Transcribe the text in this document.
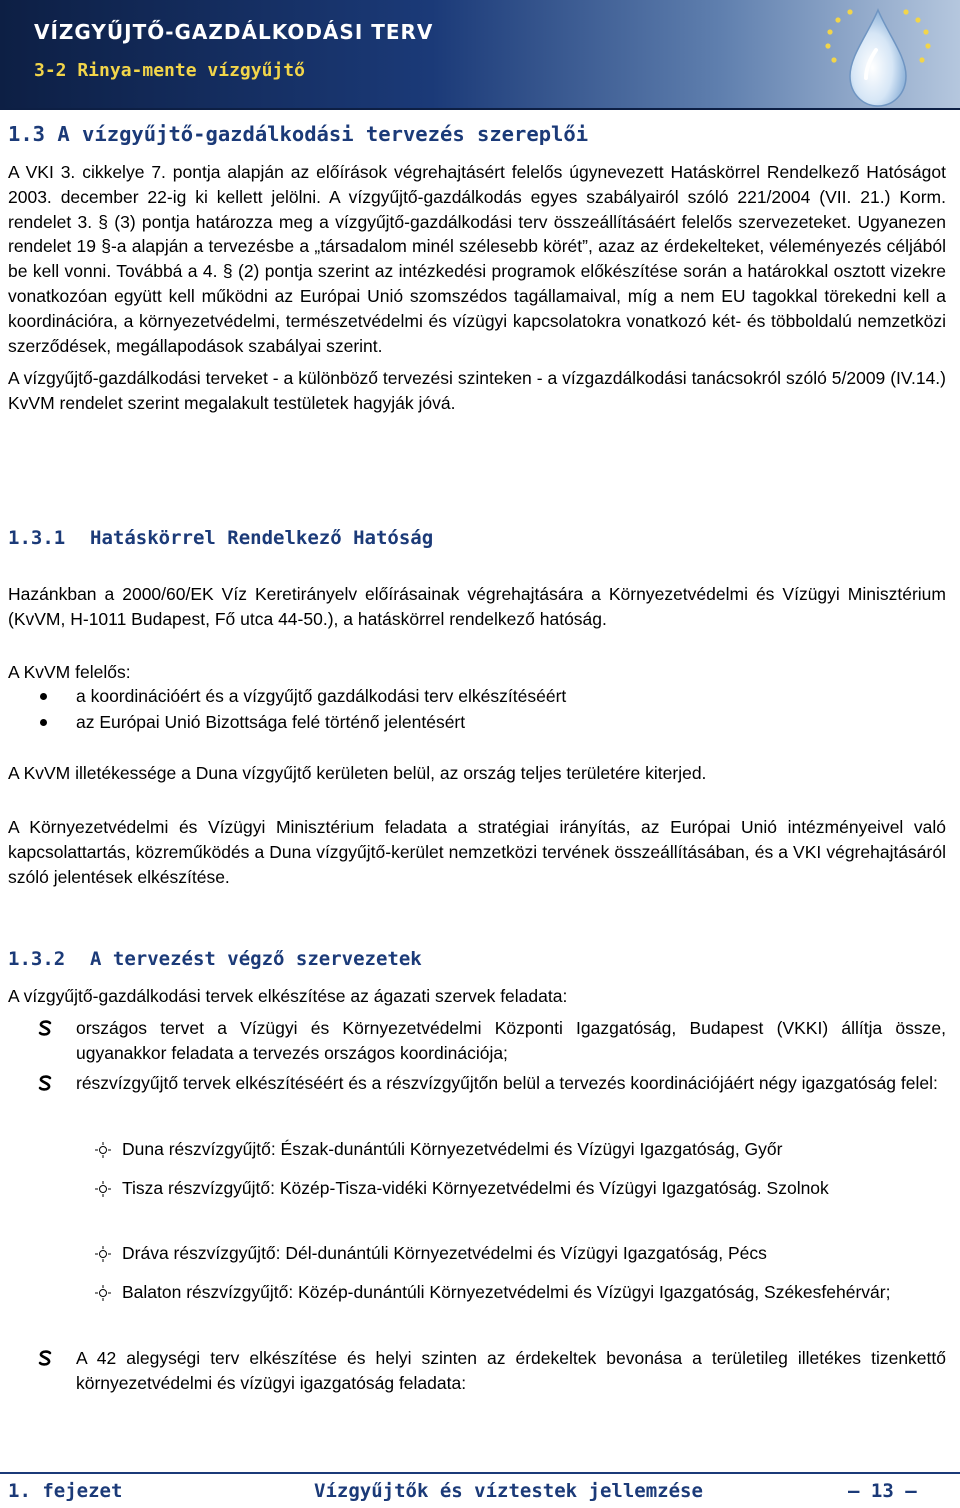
VÍZGYŰJTŐ-GAZDÁLKODÁSI TERV
3-2 Rinya-mente vízgyűjtő
1.3 A vízgyűjtő-gazdálkodási tervezés szereplői

A VKI 3. cikkelye 7. pontja alapján az előírások végrehajtásért felelős úgynevezett Hatáskörrel Rendelkező Hatóságot 2003. december 22-ig ki kellett jelölni. A vízgyűjtő-gazdálkodás egyes szabályairól szóló 221/2004 (VII. 21.) Korm. rendelet 3. § (3) pontja határozza meg a vízgyűjtő-gazdálkodási terv összeállításáért felelős szervezeteket. Ugyanezen rendelet 19 §-a alapján a tervezésbe a „társadalom minél szélesebb körét”, azaz az érdekelteket, véleményezés céljából be kell vonni. Továbbá a 4. § (2) pontja szerint az intézkedési programok előkészítése során a határokkal osztott vizekre vonatkozóan együtt kell működni az Európai Unió szomszédos tagállamaival, míg a nem EU tagokkal törekedni kell a koordinációra, a környezetvédelmi, természetvédelmi és vízügyi kapcsolatokra vonatkozó két- és többoldalú nemzetközi szerződések, megállapodások szabályai szerint.

A vízgyűjtő-gazdálkodási terveket - a különböző tervezési szinteken - a vízgazdálkodási tanácsokról szóló 5/2009 (IV.14.) KvVM rendelet szerint megalakult testületek hagyják jóvá.

1.3.1	Hatáskörrel Rendelkező Hatóság
Hazánkban a 2000/60/EK Víz Keretirányelv előírásainak végrehajtására a Környezetvédelmi és Vízügyi Minisztérium (KvVM, H-1011 Budapest, Fő utca 44-50.), a hatáskörrel rendelkező hatóság.
A KvVM felelős:
a koordinációért és a vízgyűjtő gazdálkodási terv elkészítéséért
az Európai Unió Bizottsága felé történő jelentésért
A KvVM illetékessége a Duna vízgyűjtő kerületen belül, az ország teljes területére kiterjed.
A Környezetvédelmi és Vízügyi Minisztérium feladata a stratégiai irányítás, az Európai Unió intézményeivel való kapcsolattartás, közreműködés a Duna vízgyűjtő-kerület nemzetközi tervének összeállításában, és a VKI végrehajtásáról szóló jelentések elkészítése.
1.3.2	A tervezést végző szervezetek
A vízgyűjtő-gazdálkodási tervek elkészítése az ágazati szervek feladata:
országos tervet a Vízügyi és Környezetvédelmi Központi Igazgatóság, Budapest (VKKI) állítja össze, ugyanakkor feladata a tervezés országos koordinációja;
részvízgyűjtő tervek elkészítéséért és a részvízgyűjtőn belül a tervezés koordinációjáért négy igazgatóság felel:
Duna részvízgyűjtő: Észak-dunántúli Környezetvédelmi és Vízügyi Igazgatóság, Győr
Tisza részvízgyűjtő: Közép-Tisza-vidéki Környezetvédelmi és Vízügyi Igazgatóság. Szolnok
Dráva részvízgyűjtő: Dél-dunántúli Környezetvédelmi és Vízügyi Igazgatóság, Pécs
Balaton részvízgyűjtő: Közép-dunántúli Környezetvédelmi és Vízügyi Igazgatóság, Székesfehérvár;
A 42 alegységi terv elkészítése és helyi szinten az érdekeltek bevonása a területileg illetékes tizenkettő környezetvédelmi és vízügyi igazgatóság feladata:
1. fejezet	Vízgyűjtők és víztestek jellemzése	— 13 —
